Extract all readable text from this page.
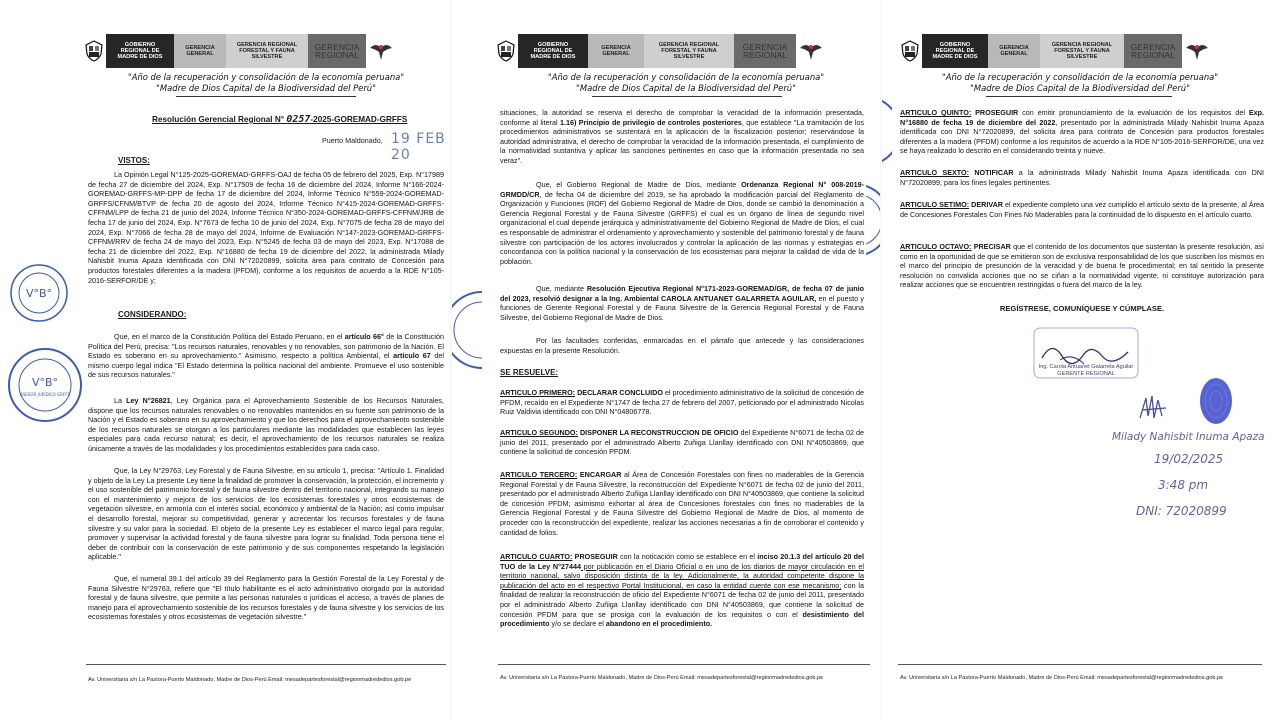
GOBIERNO
REGIONAL DE
MADRE DE DIOS
GERENCIA GENERAL
GERENCIA REGIONAL
FORESTAL Y FAUNA
SILVESTRE
GERENCIA REGIONAL
"Año de la recuperación y consolidación de la economía peruana"
"Madre de Dios Capital de la Biodiversidad del Perú"
Resolución Gerencial Regional N° 0257-2025-GOREMAD-GRFFS
Puerto Maldonado, 19 FEB 20
VISTOS:
La Opinión Legal N°125-2025-GOREMAD-GRFFS-OAJ de fecha 05 de febrero del 2025, Exp. N°17989 de fecha 27 de diciembre del 2024, Exp. N°17509 de fecha 16 de diciembre del 2024, Informe N°166-2024-GOREMAD-GRFFS-MP-DPP de fecha 17 de diciembre del 2024, Informe Técnico N°559-2024-GOREMAD-GRFFS/CFNM/BTVP de fecha 20 de agosto del 2024, Informe Técnico N°415-2024-GOREMAD-GRFFS-CFFNM/LPP de fecha 21 de junio del 2024, Informe Técnico N°350-2024-GOREMAD-GRFFS-CFFNM/JRB de fecha 17 de junio del 2024, Exp. N°7673 de fecha 10 de junio del 2024, Exp. N°7075 de fecha 28 de mayo del 2024, Exp. N°7066 de fecha 28 de mayo del 2024, Informe de Evaluación N°147-2023-GOREMAD-GRFFS-CFFNM/RRV de fecha 24 de mayo del 2023, Exp. N°5245 de fecha 03 de mayo del 2023, Exp. N°17088 de fecha 21 de diciembre del 2022, Exp. N°16880 de fecha 19 de diciembre del 2022, la administrada Milady Nahisbit Inuma Apaza identificada con DNI N°72020899, solicita área para contrato de Concesión para productos forestales diferentes a la madera (PFDM), conforme a los requisitos de acuerdo a la RDE N°105-2016-SERFOR/DE y;
CONSIDERANDO:
Que, en el marco de la Constitución Política del Estado Peruano, en el artículo 66° de la Constitución Política del Perú, precisa: "Los recursos naturales, renovables y no renovables, son patrimonio de la Nación. El Estado es soberano en su aprovechamiento." Asimismo, respecto a política Ambiental, el artículo 67 del mismo cuerpo legal indica "El Estado determina la política nacional del ambiente. Promueve el uso sostenible de sus recursos naturales."
La Ley N°26821, Ley Orgánica para el Aprovechamiento Sostenible de los Recursos Naturales, dispone que los recursos naturales renovables o no renovables mantenidos en su fuente son patrimonio de la Nación y el Estado es soberano en su aprovechamiento y que los derechos para el aprovechamiento sostenible de los recursos naturales se otorgan a los particulares mediante las modalidades que establecen las leyes especiales para cada recurso natural; es decir, el aprovechamiento de los recursos naturales se realiza únicamente a través de las modalidades y los procedimientos establecidos para cada caso.
Que, la Ley N°29763, Ley Forestal y de Fauna Silvestre, en su artículo 1, precisa: "Artículo 1. Finalidad y objeto de la Ley La presente Ley tiene la finalidad de promover la conservación, la protección, el incremento y el uso sostenible del patrimonio forestal y de fauna silvestre dentro del territorio nacional, integrando su manejo con el mantenimiento y mejora de los servicios de los ecosistemas forestales y otros ecosistemas de vegetación silvestre, en armonía con el interés social, económico y ambiental de la Nación; así como impulsar el desarrollo forestal, mejorar su competitividad, generar y acrecentar los recursos forestales y de fauna silvestre y su valor para la sociedad. El objeto de la presente Ley es establecer el marco legal para regular, promover y supervisar la actividad forestal y de fauna silvestre para lograr su finalidad. Toda persona tiene el deber de contribuir con la conservación de este patrimonio y de sus componentes respetando la legislación aplicable."
Que, el numeral 39.1 del artículo 39 del Reglamento para la Gestión Forestal de la Ley Forestal y de Fauna Silvestre N°29763, refiere que "El título habilitante es el acto administrativo otorgado por la autoridad forestal y de fauna silvestre, que permite a las personas naturales o jurídicas el acceso, a través de planes de manejo para el aprovechamiento sostenible de los recursos forestales y de fauna silvestre y los servicios de los ecosistemas forestales y otros ecosistemas de vegetación silvestre."
Av. Universitaria s/n La Pastora-Puerto Maldonado, Madre de Dios-Perú Email: mesadepartesforestal@regionmadrededios.gob.pe
V°B°
V°B°
ASESOR JURÍDICO GRFFS
GOBIERNO
REGIONAL DE
MADRE DE DIOS
GERENCIA GENERAL
GERENCIA REGIONAL
FORESTAL Y FAUNA
SILVESTRE
GERENCIA REGIONAL
"Año de la recuperación y consolidación de la economía peruana"
"Madre de Dios Capital de la Biodiversidad del Perú"
situaciones, la autoridad se reserva el derecho de comprobar la veracidad de la información presentada, conforme al literal 1.16) Principio de privilegio de controles posteriores, que establece "La tramitación de los procedimientos administrativos se sustentará en la aplicación de la fiscalización posterior; reservándose la autoridad administrativa, el derecho de comprobar la veracidad de la información presentada, el cumplimiento de la normatividad sustantiva y aplicar las sanciones pertinentes en caso que la información presentada no sea veraz".
Que, el Gobierno Regional de Madre de Dios, mediante Ordenanza Regional N° 008-2019-GRMDD/CR, de fecha 04 de diciembre del 2019, se ha aprobado la modificación parcial del Reglamento de Organización y Funciones (ROF) del Gobierno Regional de Madre de Dios, donde se cambió la denominación a Gerencia Regional Forestal y de Fauna Silvestre (GRFFS) el cual es un órgano de línea de segundo nivel organizacional el cual depende jerárquica y administrativamente del Gobierno Regional de Madre de Dios, el cual es responsable de administrar el ordenamiento y aprovechamiento y sostenible del patrimonio forestal y de fauna silvestre con participación de los actores involucrados y controlar la aplicación de las normas y estrategias en concordancia con la política nacional y la conservación de los ecosistemas para mejorar la calidad de vida de la población.
Que, mediante Resolución Ejecutiva Regional N°171-2023-GOREMAD/GR, de fecha 07 de junio del 2023, resolvió designar a la Ing. Ambiental CAROLA ANTUANET GALARRETA AGUILAR, en el puesto y funciones de Gerente Regional Forestal y de Fauna Silvestre de la Gerencia Regional Forestal y de Fauna Silvestre, del Gobierno Regional de Madre de Dios.
Por las facultades conferidas, enmarcadas en el párrafo que antecede y las consideraciones expuestas en la presente Resolución.
SE RESUELVE:
ARTICULO PRIMERO: DECLARAR CONCLUIDO el procedimiento administrativo de la solicitud de concesión de PFDM, recaído en el Expediente N°1747 de fecha 27 de febrero del 2007, peticionado por el administrado Nicolas Ruiz Valdivia identificado con DNI N°04806778.
ARTICULO SEGUNDO: DISPONER LA RECONSTRUCCION DE OFICIO del Expediente N°6071 de fecha 02 de junio del 2011, presentado por el administrado Alberto Zuñiga Llanllay identificado con DNI N°40503869, que contiene la solicitud de concesión PFDM.
ARTICULO TERCERO: ENCARGAR al Área de Concesión Forestales con fines no maderables de la Gerencia Regional Forestal y de Fauna Silvestre, la reconstrucción del Expediente N°6071 de fecha 02 de junio del 2011, presentado por el administrado Alberto Zuñiga Llanllay identificado con DNI N°40503869, que contiene la solicitud de concesión PFDM; asimismo exhortar al área de Concesiones forestales con fines no maderables de la Gerencia Regional Forestal y de Fauna Silvestre del Gobierno Regional de Madre de Dios, al momento de proceder con la reconstrucción del expediente, realizar las acciones necesarias a fin de corroborar el contenido y cantidad de folios.
ARTICULO CUARTO: PROSEGUIR con la noticación como se establece en el inciso 20.1.3 del artículo 20 del TUO de la Ley N°27444 por publicación en el Diario Oficial o en uno de los diarios de mayor circulación en el territorio nacional, salvo disposición distinta de la ley. Adicionalmente, la autoridad competente dispone la publicación del acto en el respectivo Portal Institucional, en caso la entidad cuente con ese mecanismo; con la finalidad de realizar la reconstrucción de oficio del Expediente N°6071 de fecha 02 de junio del 2011, presentado por el administrado Alberto Zuñiga Llanllay identificado con DNI N°40503869, que contiene la solicitud de concesión PFDM para que se prosiga con la evaluación de los requisitos o con el desistimiento del procedimiento y/o se declare el abandono en el procedimiento.
Av. Universitaria s/n La Pastora-Puerto Maldonado, Madre de Dios-Perú Email: mesadepartesforestal@regionmadrededios.gob.pe
GOBIERNO
REGIONAL DE
MADRE DE DIOS
GERENCIA GENERAL
GERENCIA REGIONAL
FORESTAL Y FAUNA
SILVESTRE
GERENCIA REGIONAL
"Año de la recuperación y consolidación de la economía peruana"
"Madre de Dios Capital de la Biodiversidad del Perú"
ARTICULO QUINTO: PROSEGUIR con emitir pronunciamiento de la evaluación de los requisitos del Exp. N°16880 de fecha 19 de diciembre del 2022, presentado por la administrada Milady Nahisbit Inuma Apaza identificada con DNI N°72020899, del solicita área para contrato de Concesión para productos forestales diferentes a la madera (PFDM) conforme a los requisitos de acuerdo a la RDE N°105-2016-SERFOR/DE, una vez se haya realizado lo descrito en el considerando treinta y nueve.
ARTICULO SEXTO: NOTIFICAR a la administrada Milady Nahisbit Inuma Apaza identificada con DNI N°72020899, para los fines legales pertinentes.
ARTICULO SETIMO: DERIVAR el expediente completo una vez cumplido el artículo sexto de la presente, al Área de Concesiones Forestales Con Fines No Maderables para la continuidad de lo dispuesto en el artículo cuarto.
ARTICULO OCTAVO: PRECISAR que el contenido de los documentos que sustentan la presente resolución, así como en la oportunidad de que se emitieron son de exclusiva responsabilidad de los que suscriben los mismos en el marco del principio de presunción de la veracidad y de buena fe procedimental; en tal sentido la presente resolución no convalida acciones que no se ciñan a la normatividad vigente, ni constituye autorización para realizar acciones que se encuentren restringidas o fuera del marco de la ley.
REGÍSTRESE, COMUNÍQUESE Y CÚMPLASE.
Ing. Carola Antuanet Galarreta Aguilar
GERENTE REGIONAL
Milady Nahisbit Inuma Apaza
19/02/2025
3:48 pm
DNI: 72020899
Av. Universitaria s/n La Pastora-Puerto Maldonado, Madre de Dios-Perú Email: mesadepartesforestal@regionmadrededios.gob.pe
